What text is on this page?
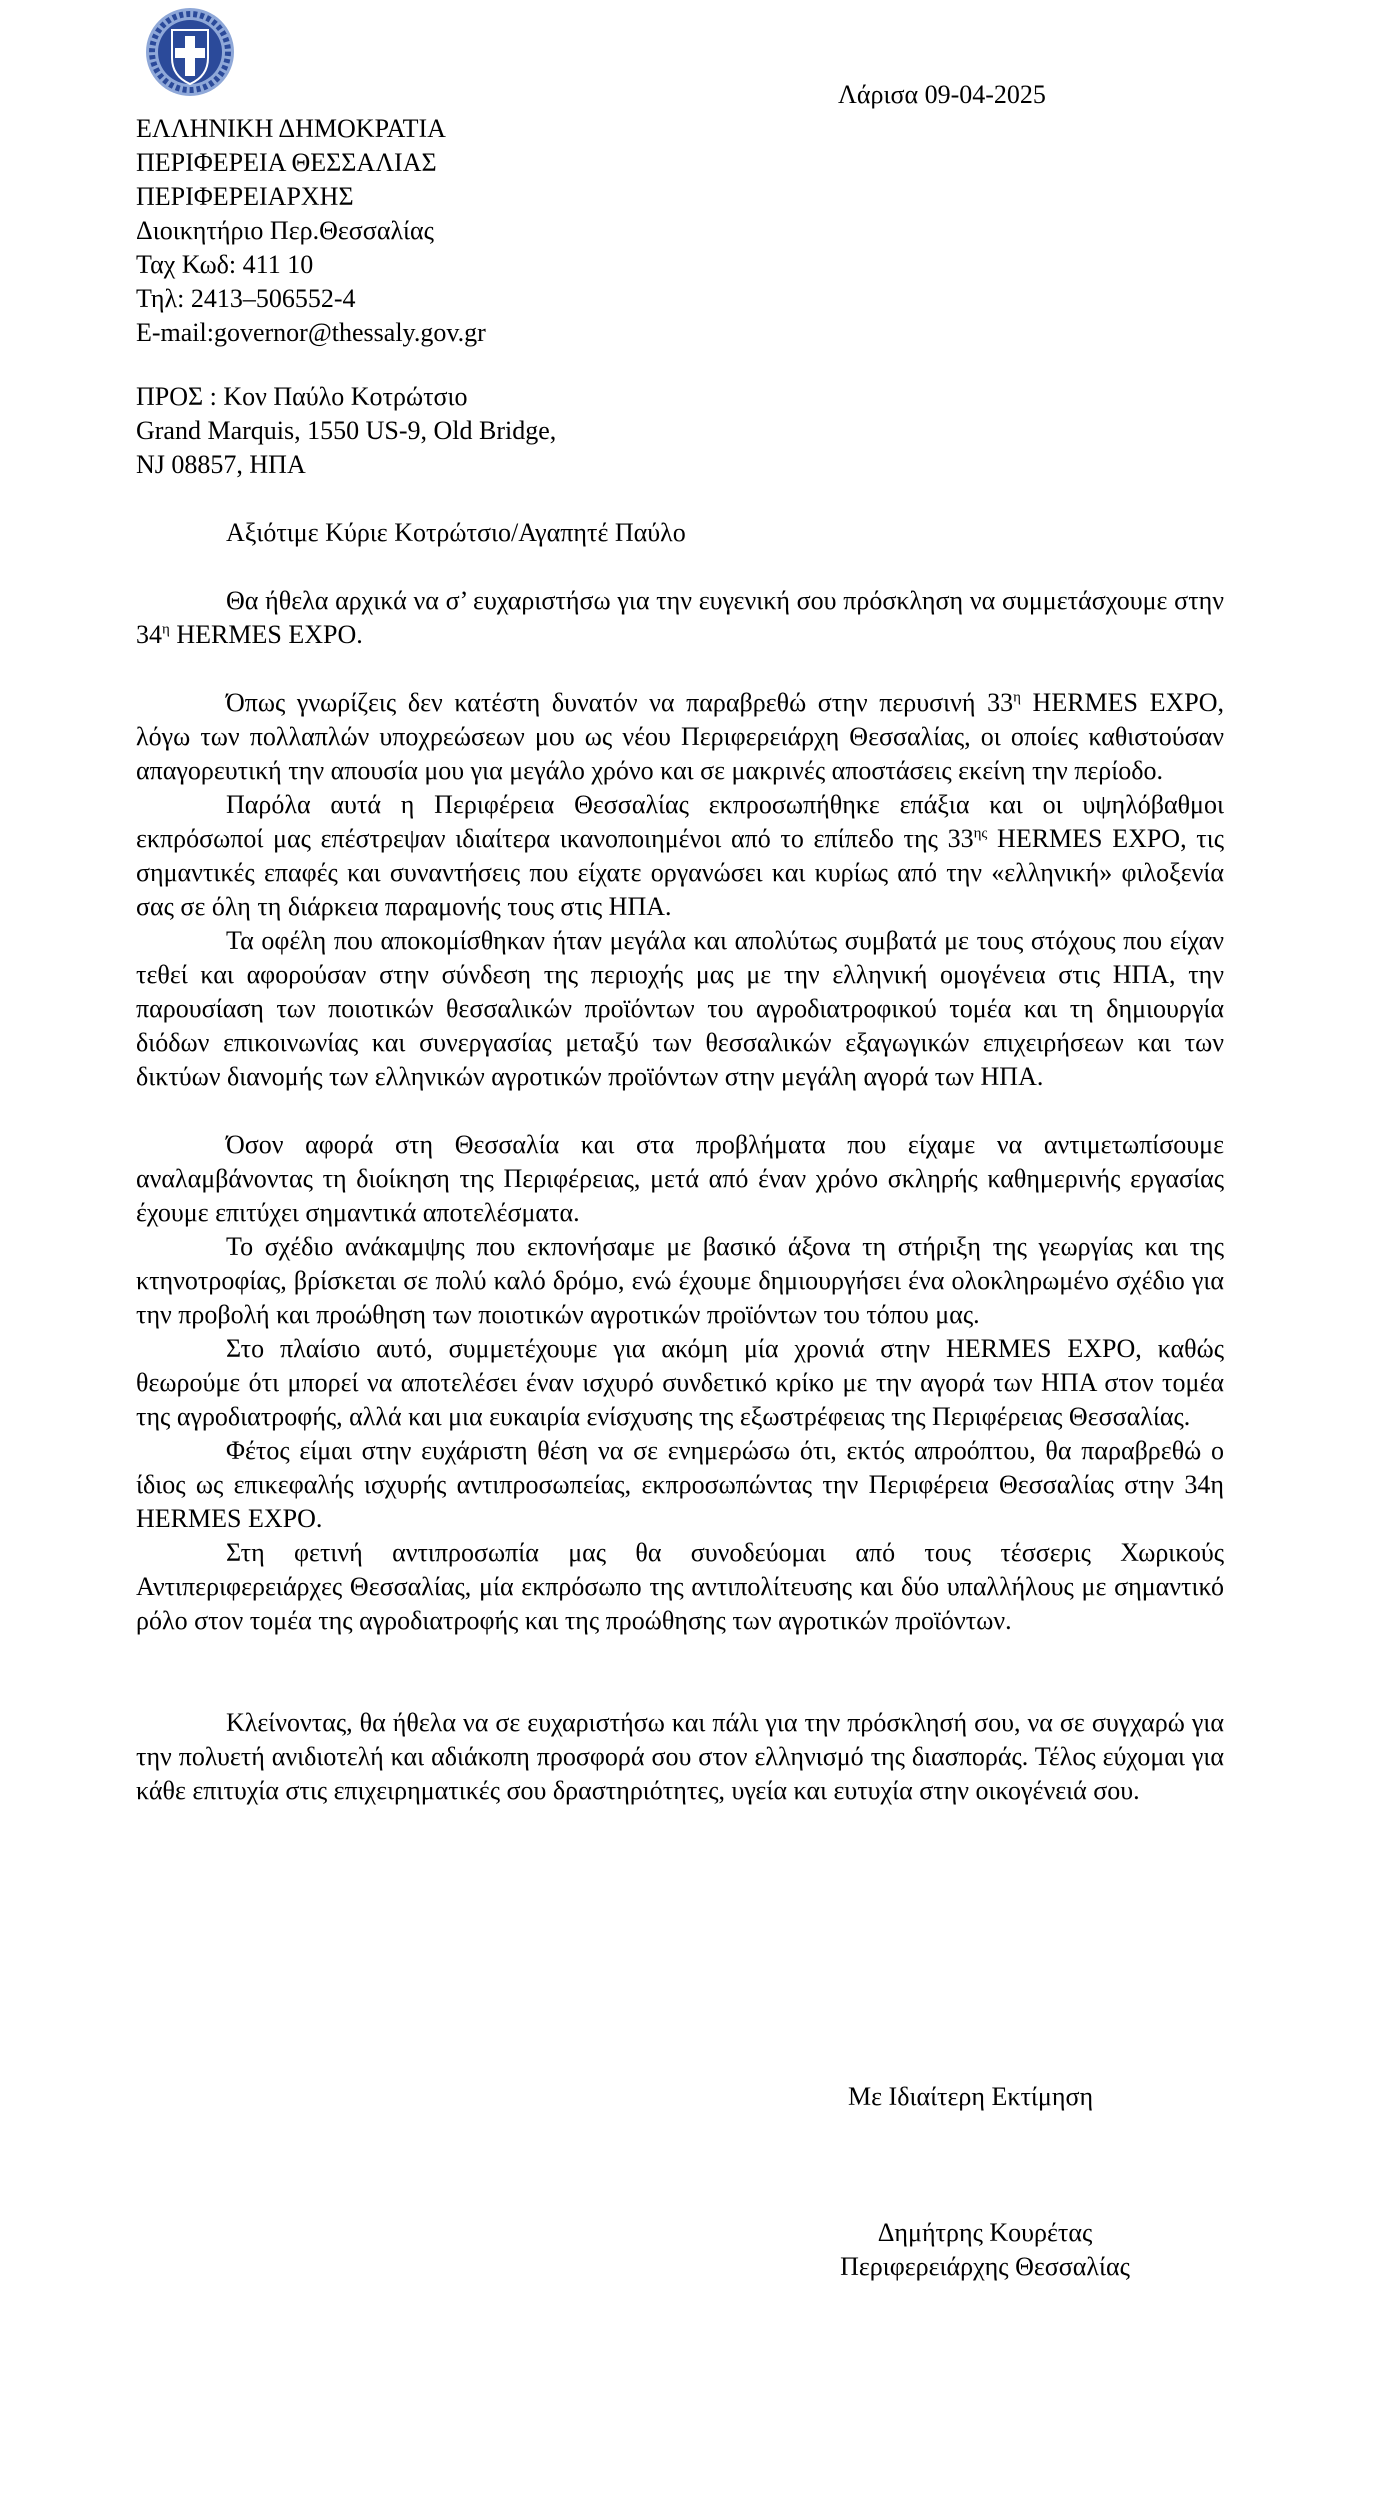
Λάρισα 09-04-2025
ΕΛΛΗΝΙΚΗ ΔΗΜΟΚΡΑΤΙΑ
ΠΕΡΙΦΕΡΕΙΑ ΘΕΣΣΑΛΙΑΣ
ΠΕΡΙΦΕΡΕΙΑΡΧΗΣ
Διοικητήριο Περ.Θεσσαλίας
Ταχ Κωδ: 411 10
Τηλ: 2413–506552-4
E-mail:governor@thessaly.gov.gr
ΠΡΟΣ : Κον Παύλο Κοτρώτσιο
Grand Marquis, 1550 US-9, Old Bridge,
NJ 08857, ΗΠΑ
Αξιότιμε Κύριε Κοτρώτσιο/Αγαπητέ Παύλο

Θα ήθελα αρχικά να σ’ ευχαριστήσω για την ευγενική σου πρόσκληση να συμμετάσχουμε στην $34^\eta$ HERMES EXPO.

Όπως γνωρίζεις δεν κατέστη δυνατόν να παραβρεθώ στην περυσινή $33^\eta$ HERMES EXPO, λόγω των πολλαπλών υποχρεώσεων μου ως νέου Περιφερειάρχη Θεσσαλίας, οι οποίες καθιστούσαν απαγορευτική την απουσία μου για μεγάλο χρόνο και σε μακρινές αποστάσεις εκείνη την περίοδο.

Παρόλα αυτά η Περιφέρεια Θεσσαλίας εκπροσωπήθηκε επάξια και οι υψηλόβαθμοι εκπρόσωποί μας επέστρεψαν ιδιαίτερα ικανοποιημένοι από το επίπεδο της $33^{\eta\varsigma}$ HERMES EXPO, τις σημαντικές επαφές και συναντήσεις που είχατε οργανώσει και κυρίως από την «ελληνική» φιλοξενία σας σε όλη τη διάρκεια παραμονής τους στις ΗΠΑ.

Τα οφέλη που αποκομίσθηκαν ήταν μεγάλα και απολύτως συμβατά με τους στόχους που είχαν τεθεί και αφορούσαν στην σύνδεση της περιοχής μας με την ελληνική ομογένεια στις ΗΠΑ, την παρουσίαση των ποιοτικών θεσσαλικών προϊόντων του αγροδιατροφικού τομέα και τη δημιουργία διόδων επικοινωνίας και συνεργασίας μεταξύ των θεσσαλικών εξαγωγικών επιχειρήσεων και των δικτύων διανομής των ελληνικών αγροτικών προϊόντων στην μεγάλη αγορά των ΗΠΑ.

Όσον αφορά στη Θεσσαλία και στα προβλήματα που είχαμε να αντιμετωπίσουμε αναλαμβάνοντας τη διοίκηση της Περιφέρειας, μετά από έναν χρόνο σκληρής καθημερινής εργασίας έχουμε επιτύχει σημαντικά αποτελέσματα.

Το σχέδιο ανάκαμψης που εκπονήσαμε με βασικό άξονα τη στήριξη της γεωργίας και της κτηνοτροφίας, βρίσκεται σε πολύ καλό δρόμο, ενώ έχουμε δημιουργήσει ένα ολοκληρωμένο σχέδιο για την προβολή και προώθηση των ποιοτικών αγροτικών προϊόντων του τόπου μας.

Στο πλαίσιο αυτό, συμμετέχουμε για ακόμη μία χρονιά στην HERMES EXPO, καθώς θεωρούμε ότι μπορεί να αποτελέσει έναν ισχυρό συνδετικό κρίκο με την αγορά των ΗΠΑ στον τομέα της αγροδιατροφής, αλλά και μια ευκαιρία ενίσχυσης της εξωστρέφειας της Περιφέρειας Θεσσαλίας.

Φέτος είμαι στην ευχάριστη θέση να σε ενημερώσω ότι, εκτός απροόπτου, θα παραβρεθώ ο ίδιος ως επικεφαλής ισχυρής αντιπροσωπείας, εκπροσωπώντας την Περιφέρεια Θεσσαλίας στην 34η HERMES EXPO.

Στη φετινή αντιπροσωπία μας θα συνοδεύομαι από τους τέσσερις Χωρικούς Αντιπεριφερειάρχες Θεσσαλίας, μία εκπρόσωπο της αντιπολίτευσης και δύο υπαλλήλους με σημαντικό ρόλο στον τομέα της αγροδιατροφής και της προώθησης των αγροτικών προϊόντων.

Κλείνοντας, θα ήθελα να σε ευχαριστήσω και πάλι για την πρόσκλησή σου, να σε συγχαρώ για την πολυετή ανιδιοτελή και αδιάκοπη προσφορά σου στον ελληνισμό της διασποράς. Τέλος εύχομαι για κάθε επιτυχία στις επιχειρηματικές σου δραστηριότητες, υγεία και ευτυχία στην οικογένειά σου.

Με Ιδιαίτερη Εκτίμηση
Δημήτρης Κουρέτας
Περιφερειάρχης Θεσσαλίας
